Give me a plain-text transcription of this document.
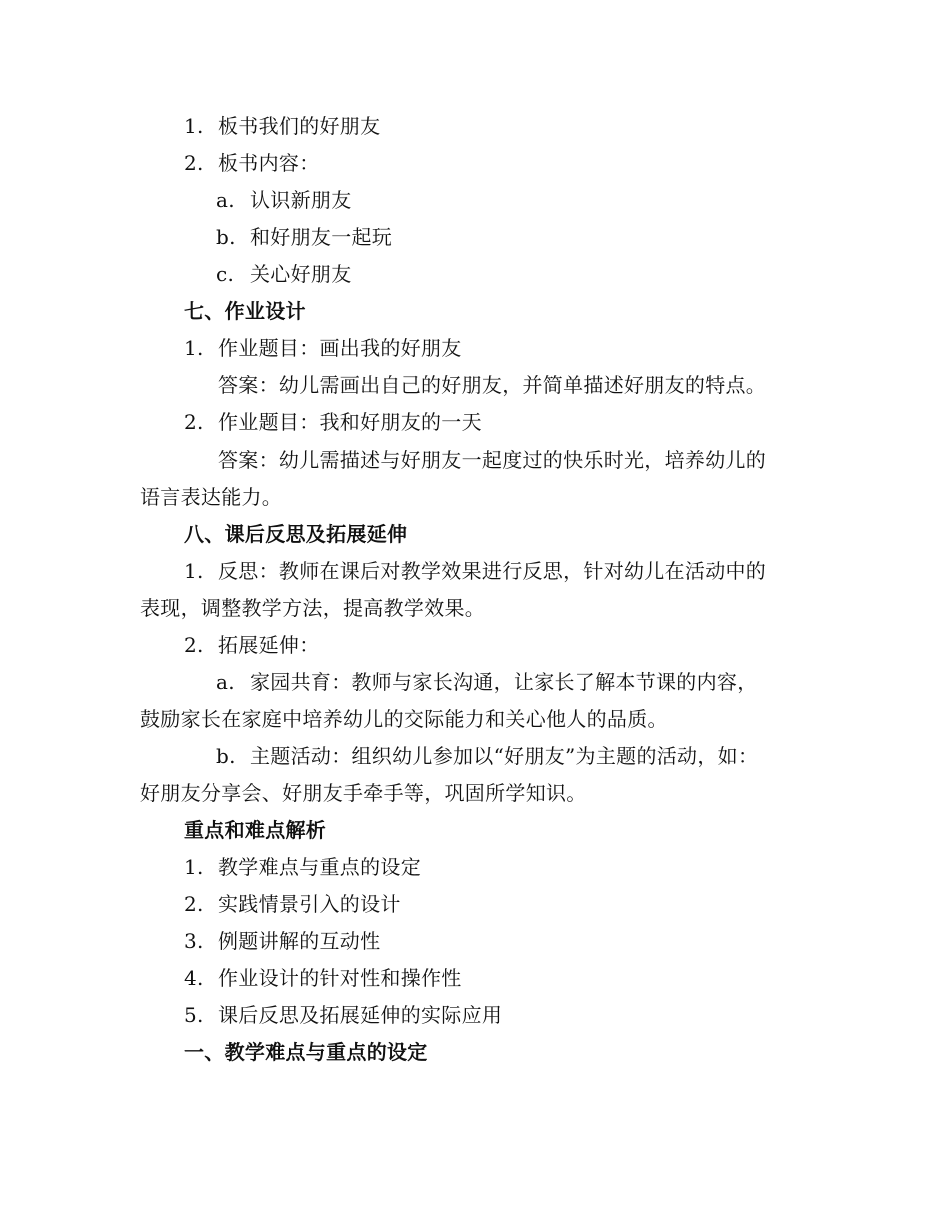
1. 板书我们的好朋友
2. 板书内容：
a. 认识新朋友
b. 和好朋友一起玩
c. 关心好朋友
七、作业设计
1. 作业题目：画出我的好朋友
答案：幼儿需画出自己的好朋友，并简单描述好朋友的特点。
2. 作业题目：我和好朋友的一天
答案：幼儿需描述与好朋友一起度过的快乐时光，培养幼儿的
语言表达能力。
八、课后反思及拓展延伸
1. 反思：教师在课后对教学效果进行反思，针对幼儿在活动中的
表现，调整教学方法，提高教学效果。
2. 拓展延伸：
a. 家园共育：教师与家长沟通，让家长了解本节课的内容，
鼓励家长在家庭中培养幼儿的交际能力和关心他人的品质。
b. 主题活动：组织幼儿参加以“好朋友”为主题的活动，如：
好朋友分享会、好朋友手牵手等，巩固所学知识。
重点和难点解析
1. 教学难点与重点的设定
2. 实践情景引入的设计
3. 例题讲解的互动性
4. 作业设计的针对性和操作性
5. 课后反思及拓展延伸的实际应用
一、教学难点与重点的设定
